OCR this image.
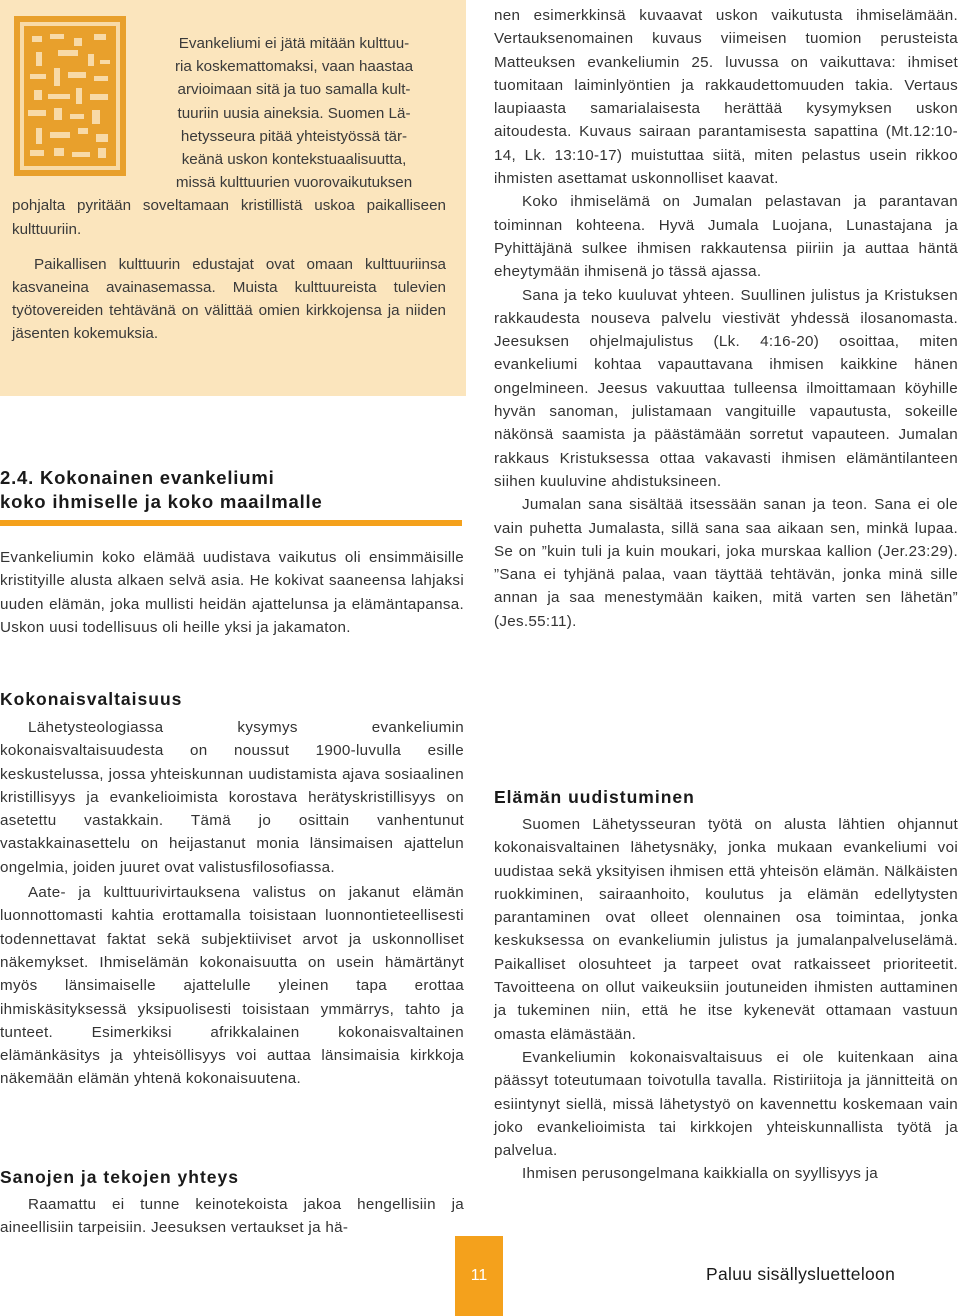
Evankeliumi ei jätä mitään kulttuu-

ria koskemattomaksi, vaan haastaa

arvioimaan sitä ja tuo samalla kult-

tuuriin uusia aineksia. Suomen Lä-

hetysseura pitää yhteistyössä tär-

keänä uskon kontekstuaalisuutta,

missä kulttuurien vuorovaikutuksen

pohjalta pyritään soveltamaan kristillistä uskoa paikalliseen kulttuuriin.

Paikallisen kulttuurin edustajat ovat omaan kulttuuriinsa kasvaneina avainasemassa. Muista kulttuureista tulevien työtovereiden tehtävänä on välittää omien kirkkojensa ja niiden jäsenten kokemuksia.

2.4. Kokonainen evankeliumi
koko ihmiselle ja koko maailmalle

Evankeliumin koko elämää uudistava vaikutus oli ensimmäisille kristityille alusta alkaen selvä asia. He kokivat saaneensa lahjaksi uuden elämän, joka mullisti heidän ajattelunsa ja elämäntapansa. Uskon uusi todellisuus oli heille yksi ja jakamaton.

Kokonaisvaltaisuus

Lähetysteologiassa kysymys evankeliumin kokonaisvaltaisuudesta on noussut 1900-luvulla esille keskustelussa, jossa yhteiskunnan uudistamista ajava sosiaalinen kristillisyys ja evankelioimista korostava herätyskristillisyys on asetettu vastakkain. Tämä jo osittain vanhentunut vastakkainasettelu on heijastanut monia länsimaisen ajattelun ongelmia, joiden juuret ovat valistusfilosofiassa.

Aate- ja kulttuurivirtauksena valistus on jakanut elämän luonnottomasti kahtia erottamalla toisistaan luonnontieteellisesti todennettavat faktat sekä subjektiiviset arvot ja uskonnolliset näkemykset. Ihmiselämän kokonaisuutta on usein hämärtänyt myös länsimaiselle ajattelulle yleinen tapa erottaa ihmiskäsityksessä yksipuolisesti toisistaan ymmärrys, tahto ja tunteet. Esimerkiksi afrikkalainen kokonaisvaltainen elämänkäsitys ja yhteisöllisyys voi auttaa länsimaisia kirkkoja näkemään elämän yhtenä kokonaisuutena.

Sanojen ja tekojen yhteys

Raamattu ei tunne keinotekoista jakoa hengellisiin ja aineellisiin tarpeisiin. Jeesuksen vertaukset ja hä-

nen esimerkkinsä kuvaavat uskon vaikutusta ihmiselämään. Vertauksenomainen kuvaus viimeisen tuomion perusteista Matteuksen evankeliumin 25. luvussa on vaikuttava: ihmiset tuomitaan laiminlyöntien ja rakkaudettomuuden takia. Vertaus laupiaasta samarialaisesta herättää kysymyksen uskon aitoudesta. Kuvaus sairaan parantamisesta sapattina (Mt.12:10-14, Lk. 13:10-17) muistuttaa siitä, miten pelastus usein rikkoo ihmisten asettamat uskonnolliset kaavat.

Koko ihmiselämä on Jumalan pelastavan ja parantavan toiminnan kohteena. Hyvä Jumala Luojana, Lunastajana ja Pyhittäjänä sulkee ihmisen rakkautensa piiriin ja auttaa häntä eheytymään ihmisenä jo tässä ajassa.

Sana ja teko kuuluvat yhteen. Suullinen julistus ja Kristuksen rakkaudesta nouseva palvelu viestivät yhdessä ilosanomasta. Jeesuksen ohjelmajulistus (Lk. 4:16-20) osoittaa, miten evankeliumi kohtaa vapauttavana ihmisen kaikkine hänen ongelmineen. Jeesus vakuuttaa tulleensa ilmoittamaan köyhille hyvän sanoman, julistamaan vangituille vapautusta, sokeille näkönsä saamista ja päästämään sorretut vapauteen. Jumalan rakkaus Kristuksessa ottaa vakavasti ihmisen elämäntilanteen siihen kuuluvine ahdistuksineen.

Jumalan sana sisältää itsessään sanan ja teon. Sana ei ole vain puhetta Jumalasta, sillä sana saa aikaan sen, minkä lupaa. Se on ”kuin tuli ja kuin moukari, joka murskaa kallion (Jer.23:29). ”Sana ei tyhjänä palaa, vaan täyttää tehtävän, jonka minä sille annan ja saa menestymään kaiken, mitä varten sen lähetän” (Jes.55:11).

Elämän uudistuminen

Suomen Lähetysseuran työtä on alusta lähtien ohjannut kokonaisvaltainen lähetysnäky, jonka mukaan evankeliumi voi uudistaa sekä yksityisen ihmisen että yhteisön elämän. Nälkäisten ruokkiminen, sairaanhoito, koulutus ja elämän edellytysten parantaminen ovat olleet olennainen osa toimintaa, jonka keskuksessa on evankeliumin julistus ja jumalanpalveluselämä. Paikalliset olosuhteet ja tarpeet ovat ratkaisseet prioriteetit. Tavoitteena on ollut vaikeuksiin joutuneiden ihmisten auttaminen ja tukeminen niin, että he itse kykenevät ottamaan vastuun omasta elämästään.

Evankeliumin kokonaisvaltaisuus ei ole kuitenkaan aina päässyt toteutumaan toivotulla tavalla. Ristiriitoja ja jännitteitä on esiintynyt siellä, missä lähetystyö on kavennettu koskemaan vain joko evankelioimista tai kirkkojen yhteiskunnallista työtä ja palvelua.

Ihmisen perusongelmana kaikkialla on syyllisyys ja

11	Paluu sisällysluetteloon
